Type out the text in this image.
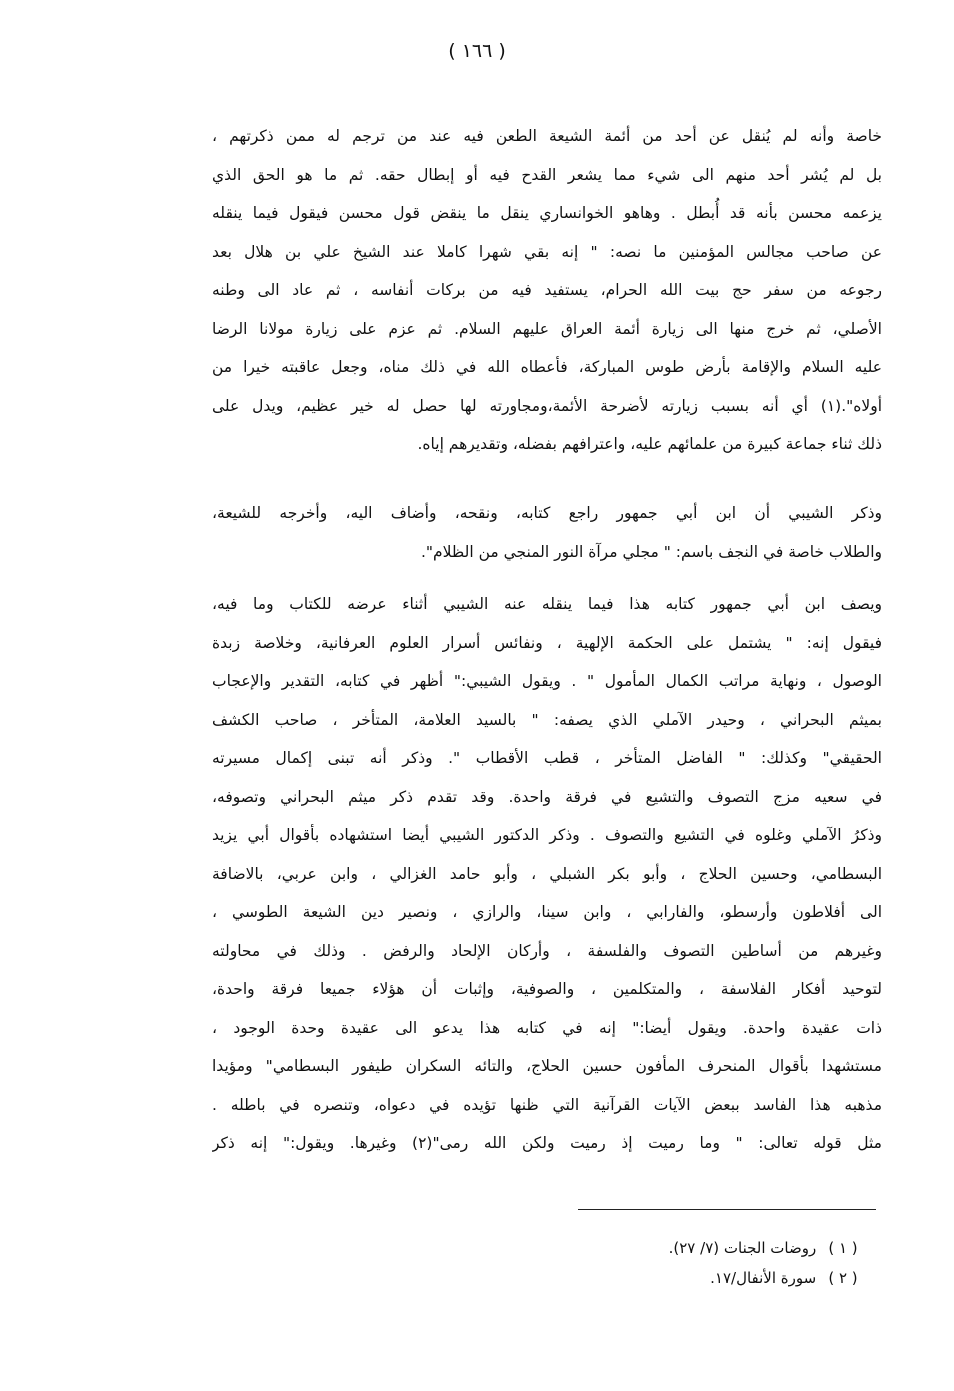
( ١٦٦ )
خاصة وأنه لم يُنقل عن أحد من أئمة الشيعة الطعن فيه عند من ترجم له ممن ذكرتهم ،
بل لم يُشر أحد منهم الى شيء مما يشعر القدح فيه أو إبطال حقه. ثم ما هو الحق الذي
يزعمه محسن بأنه قد أُبطل . وهاهو الخوانساري ينقل ما ينقض قول محسن فيقول فيما ينقله
عن صاحب مجالس المؤمنين ما نصه: " إنه بقي شهرا كاملا عند الشيخ علي بن هلال بعد
رجوعه من سفر حج بيت الله الحرام، يستفيد فيه من بركات أنفاسه ، ثم عاد الى وطنه
الأصلي، ثم خرج منها الى زيارة أئمة العراق عليهم السلام. ثم عزم على زيارة مولانا الرضا
عليه السلام والإقامة بأرض طوس المباركة، فأعطاه الله في ذلك مناه، وجعل عاقبته خيرا من
أولاه".(١) أي أنه بسبب زيارته لأضرحة الأئمة،ومجاورته لها حصل له خير عظيم، ويدل على
ذلك ثناء جماعة كبيرة من علمائهم عليه، واعترافهم بفضله، وتقديرهم إياه.
وذكر الشيبي أن ابن أبي جمهور راجع كتابه، ونقحه، وأضاف اليه، وأخرجه للشيعة،
والطلاب خاصة في النجف باسم: " مجلي مرآة النور المنجي من الظلام".
ويصف ابن أبي جمهور كتابه هذا فيما ينقله عنه الشيبي أثناء عرضه للكتاب وما فيه،
فيقول إنه: " يشتمل على الحكمة الإلهية ، ونفائس أسرار العلوم العرفانية، وخلاصة زبدة
الوصول ، ونهاية مراتب الكمال المأمول " . ويقول الشيبي:" أظهر في كتابه، التقدير والإعجاب
بميثم البحراني ، وحيدر الآملي الذي يصفه: " بالسيد العلامة، المتأخر ، صاحب الكشف
الحقيقي" وكذلك: " الفاضل المتأخر ، قطب الأقطاب ". وذكر أنه تبنى إكمال مسيرته
في سعيه مزج التصوف والتشيع في فرقة واحدة. وقد تقدم ذكر ميثم البحراني وتصوفه،
وذكرُ الآملي وغلوه في التشيع والتصوف . وذكر الدكتور الشيبي أيضا استشهاده بأقوال أبي يزيد
البسطامي، وحسين الحلاج ، وأبو بكر الشبلي ، وأبو حامد الغزالي ، وابن عربي، بالاضافة
الى أفلاطون وأرسطو، والفارابي ، وابن سينا، والرازي ، ونصير دين الشيعة الطوسي ،
وغيرهم من أساطين التصوف والفلسفة ، وأركان الإلحاد والرفض . وذلك في محاولته
لتوحيد أفكار الفلاسفة ، والمتكلمين ، والصوفية، وإثبات أن هؤلاء جميعا فرقة واحدة،
ذات عقيدة واحدة. ويقول أيضا:" إنه في كتابه هذا يدعو الى عقيدة وحدة الوجود ،
مستشهدا بأقوال المنحرف المأفون حسين الحلاج، والتائه السكران طيفور البسطامي" ومؤيدا
مذهبه هذا الفاسد ببعض الآيات القرآنية التي ظنها تؤيده في دعواه، وتنصره في باطله .
مثل قوله تعالى: " وما رميت إذ رميت ولكن الله رمى"(٢) وغيرها. ويقول:" إنه ذكر
( ١ ) روضات الجنات (٧/ ٢٧).
( ٢ ) سورة الأنفال/١٧.
